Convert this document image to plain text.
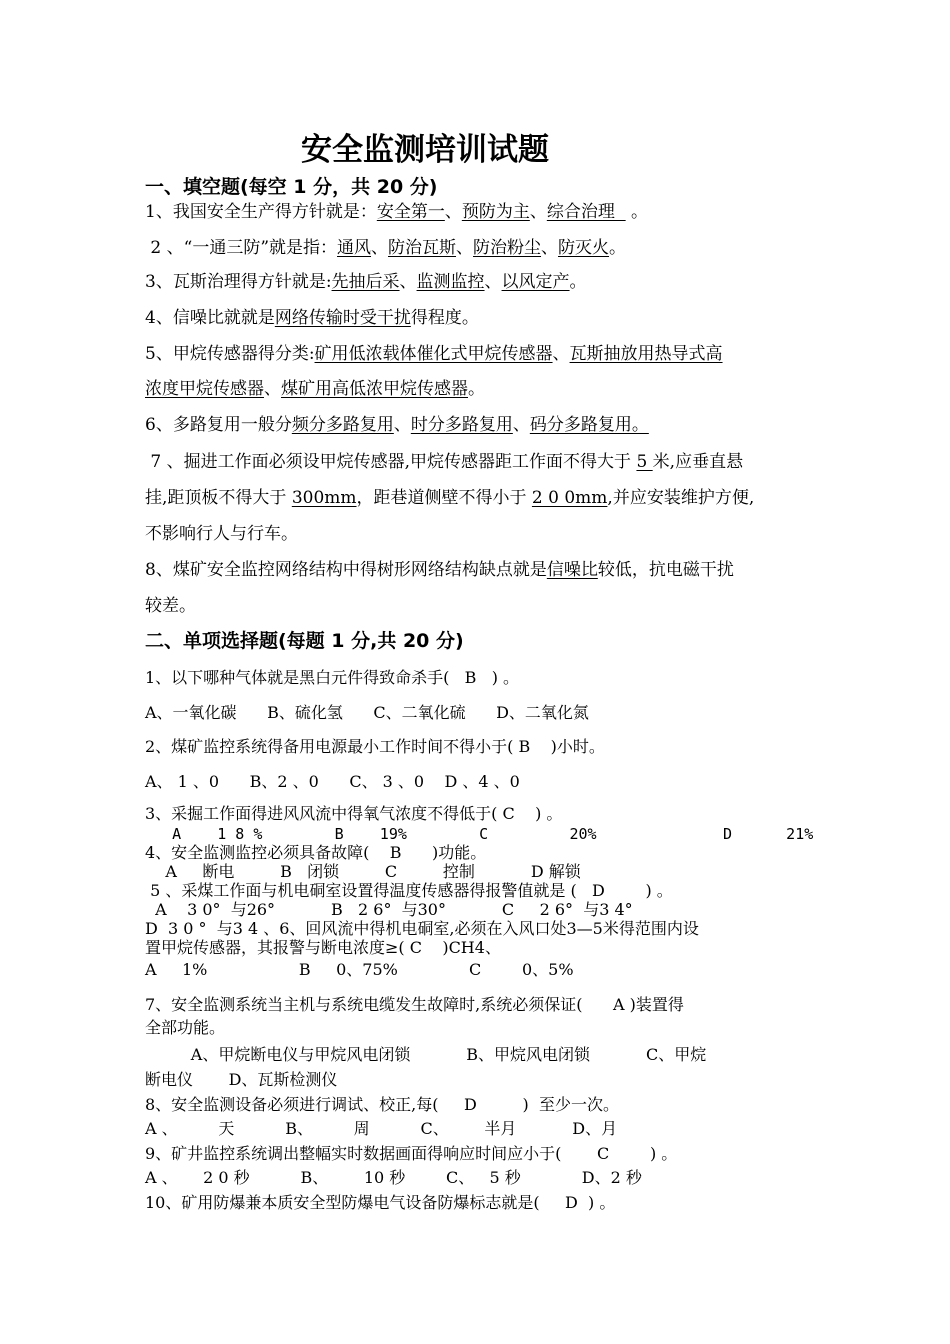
安全监测培训试题
一、填空题(每空 1 分，共 20 分)
1、我国安全生产得方针就是：安全第一、预防为主、综合治理   。
2 、“一通三防”就是指：通风、防治瓦斯、防治粉尘、防灭火。
3、瓦斯治理得方针就是:先抽后采、监测监控、以风定产。
4、信噪比就就是网络传输时受干扰得程度。
5、甲烷传感器得分类:矿用低浓载体催化式甲烷传感器、瓦斯抽放用热导式高
浓度甲烷传感器、煤矿用高低浓甲烷传感器。
6、多路复用一般分频分多路复用、时分多路复用、码分多路复用。
7 、掘进工作面必须设甲烷传感器,甲烷传感器距工作面不得大于 5 米,应垂直悬
挂,距顶板不得大于 300mm，距巷道侧壁不得小于 2 0 0mm,并应安装维护方便,
不影响行人与行车。
8、煤矿安全监控网络结构中得树形网络结构缺点就是信噪比较低，抗电磁干扰
较差。
二、单项选择题(每题 1 分,共 20 分)
1、以下哪种气体就是黑白元件得致命杀手(   B   ) 。
A、一氧化碳      B、硫化氢      C、二氧化硫      D、二氧化氮
2、煤矿监控系统得备用电源最小工作时间不得小于( B    )小时。
A、 1 、0      B、2 、0      C、 3 、0    D 、4 、0
3、采掘工作面得进风风流中得氧气浓度不得低于( C    ) 。
A    1 8 %        B    19%        C         20%              D      21%
4、安全监测监控必须具备故障(    B      )功能。
A     断电         B   闭锁         C         控制           D 解锁
5 、采煤工作面与机电硐室设置得温度传感器得报警值就是 (   D        ) 。
A    3 0°  与26°           B   2 6°  与30°           C     2 6°  与3 4°
D  3 0 °  与3 4 、6、回风流中得机电硐室,必须在入风口处3—5米得范围内设
置甲烷传感器，其报警与断电浓度≥( C    )CH4、
A     1%                  B     0、75%              C        0、5%
7、安全监测系统当主机与系统电缆发生故障时,系统必须保证(      A )装置得
全部功能。
A、甲烷断电仪与甲烷风电闭锁           B、甲烷风电闭锁           C、甲烷
断电仪       D、瓦斯检测仪
8、安全监测设备必须进行调试、校正,每(     D         )  至少一次。
A 、        天          B、        周          C、       半月           D、月
9、矿井监控系统调出整幅实时数据画面得响应时间应小于(       C        ) 。
A 、     2 0 秒          B、       10 秒        C、   5 秒            D、2 秒
10、矿用防爆兼本质安全型防爆电气设备防爆标志就是(     D  ) 。
